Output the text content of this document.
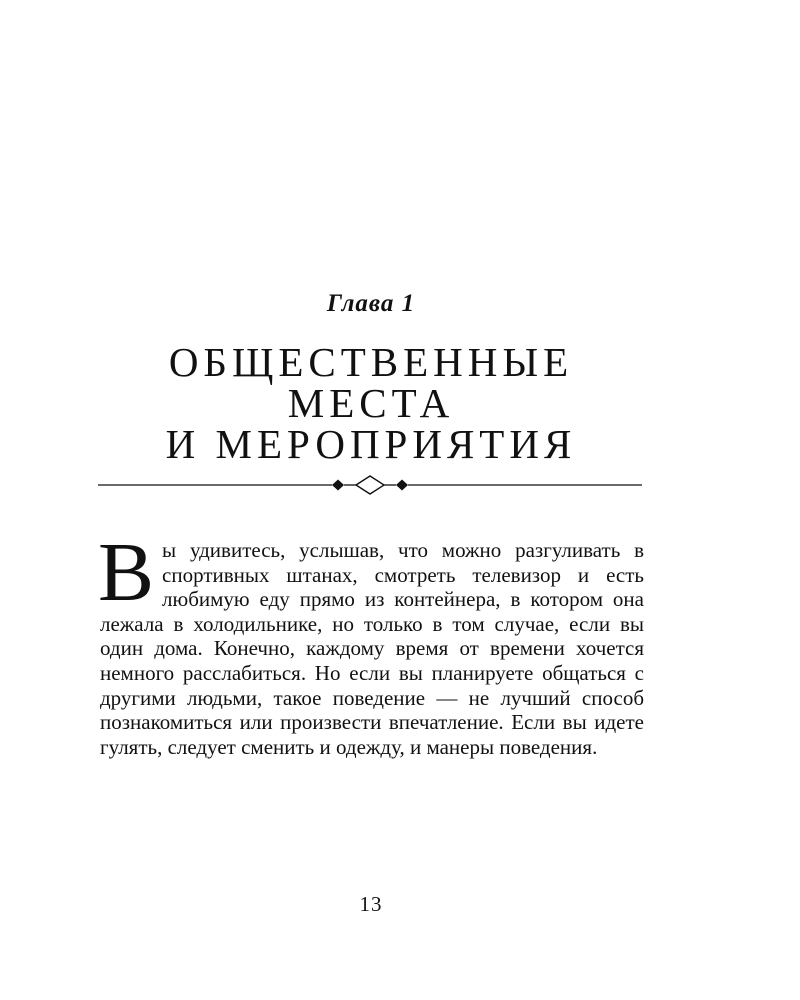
Глава 1
ОБЩЕСТВЕННЫЕ
МЕСТА
И МЕРОПРИЯТИЯ
Вы удивитесь, услышав, что можно разгуливать в спортивных штанах, смотреть телевизор и есть любимую еду прямо из контейнера, в котором она лежала в холодильнике, но только в том случае, если вы один дома. Конечно, каждому время от времени хочется немного расслабиться. Но если вы планируете общаться с другими людьми, такое поведение — не лучший способ познакомиться или произвести впечатление. Если вы идете гулять, следует сменить и одежду, и манеры поведения.
13
